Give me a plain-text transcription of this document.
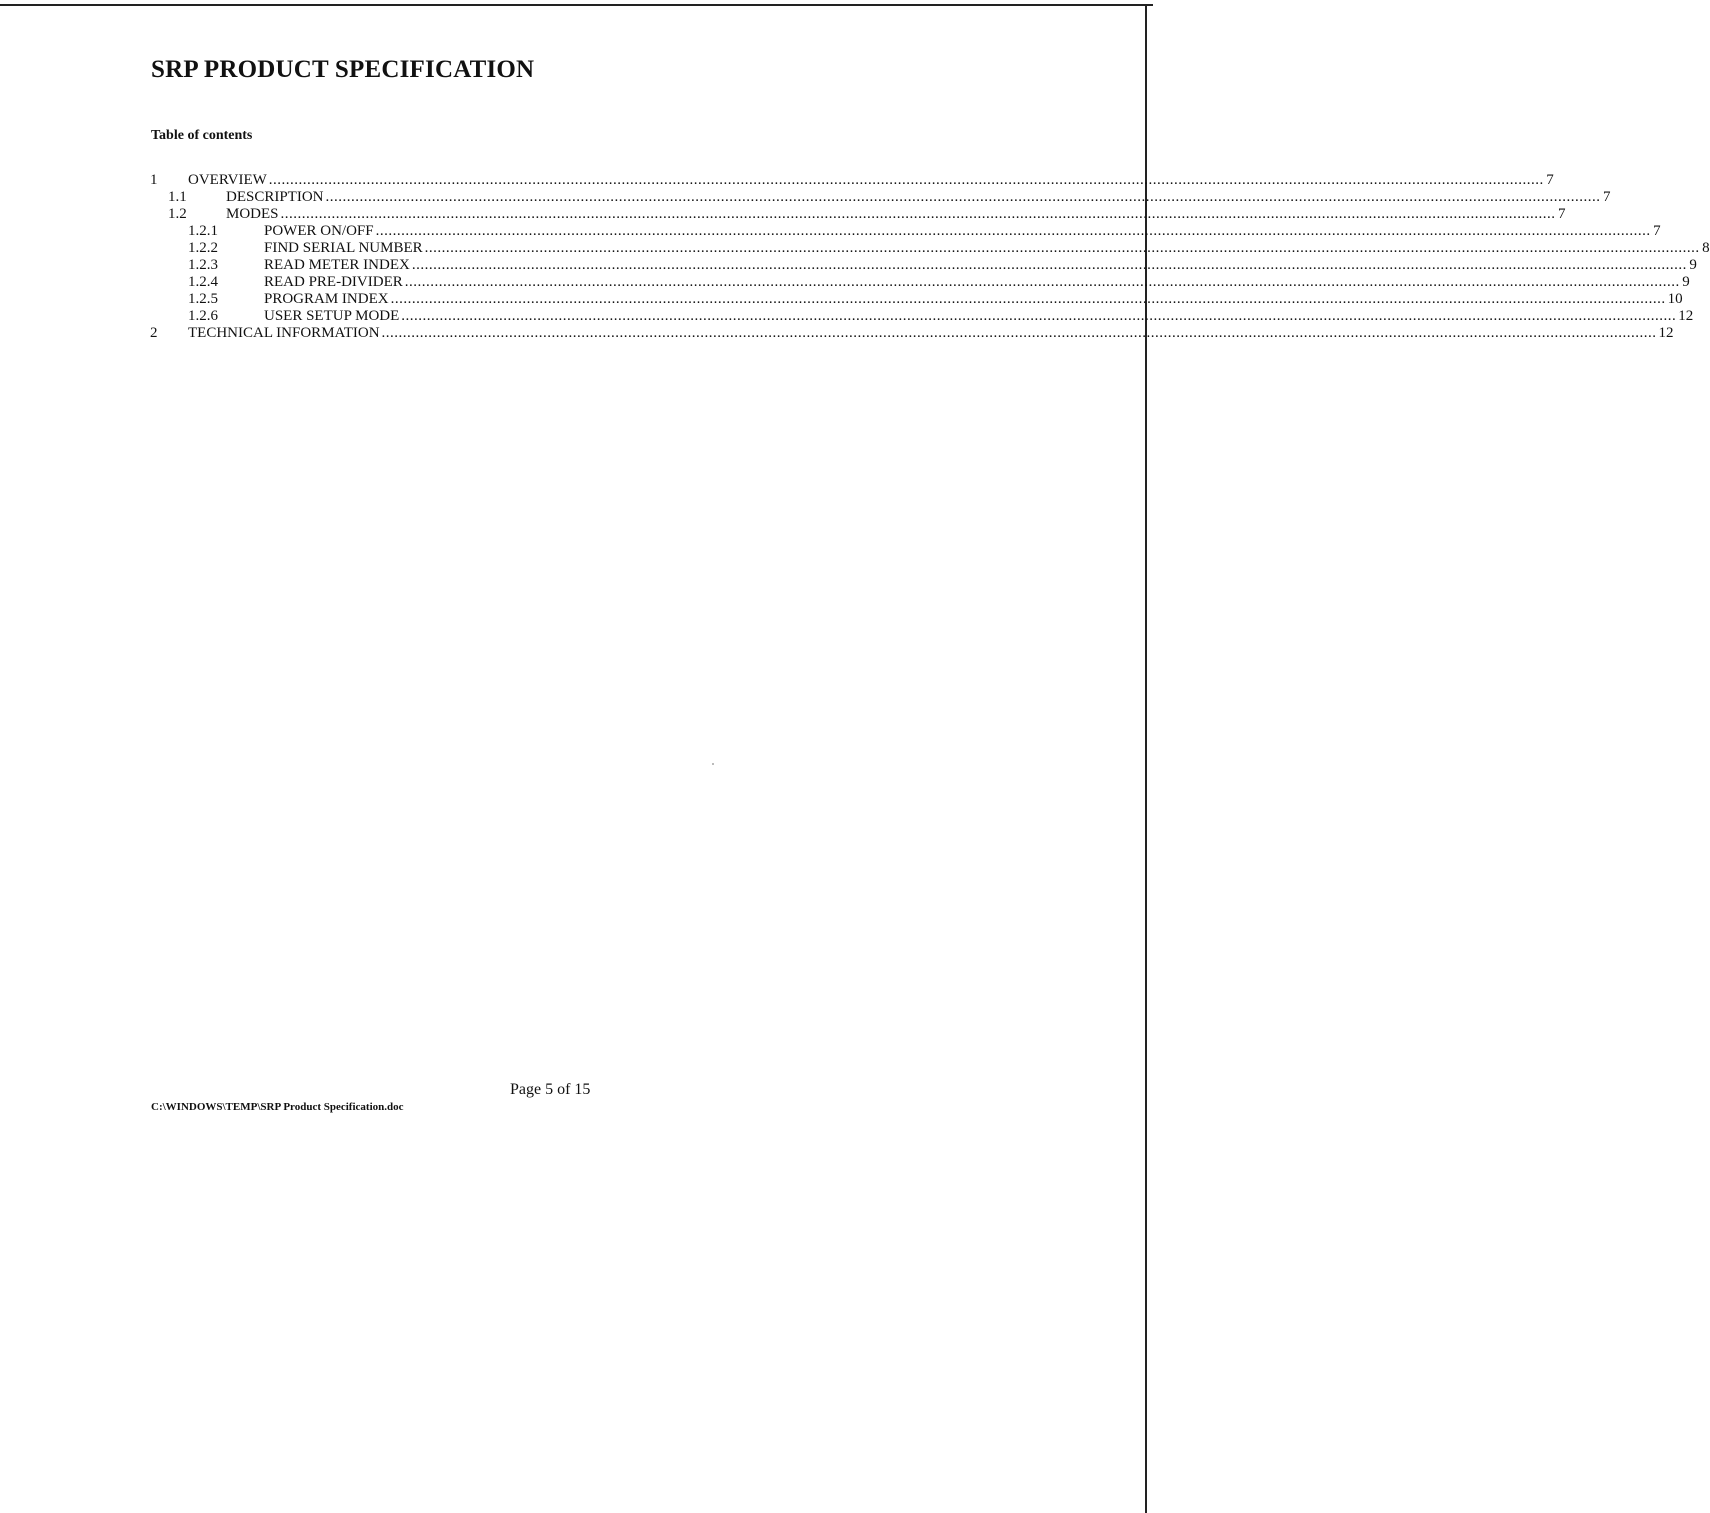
SRP PRODUCT SPECIFICATION
Table of contents
1 OVERVIEW ............................................................................................................................................................................................................................................................................................................ 7
1.1	DESCRIPTION ............................................................................................................................................................................................................................................................................................................ 7
1.2	MODES ............................................................................................................................................................................................................................................................................................................ 7
1.2.1	POWER ON/OFF ............................................................................................................................................................................................................................................................................................................ 7
1.2.2	FIND SERIAL NUMBER ............................................................................................................................................................................................................................................................................................................ 8
1.2.3	READ METER INDEX ............................................................................................................................................................................................................................................................................................................ 9
1.2.4	READ PRE-DIVIDER ............................................................................................................................................................................................................................................................................................................ 9
1.2.5	PROGRAM INDEX ............................................................................................................................................................................................................................................................................................................ 10
1.2.6	USER SETUP MODE ............................................................................................................................................................................................................................................................................................................ 12
2 TECHNICAL INFORMATION ............................................................................................................................................................................................................................................................................................................ 12
Page 5 of 15
C:\WINDOWS\TEMP\SRP Product Specification.doc
